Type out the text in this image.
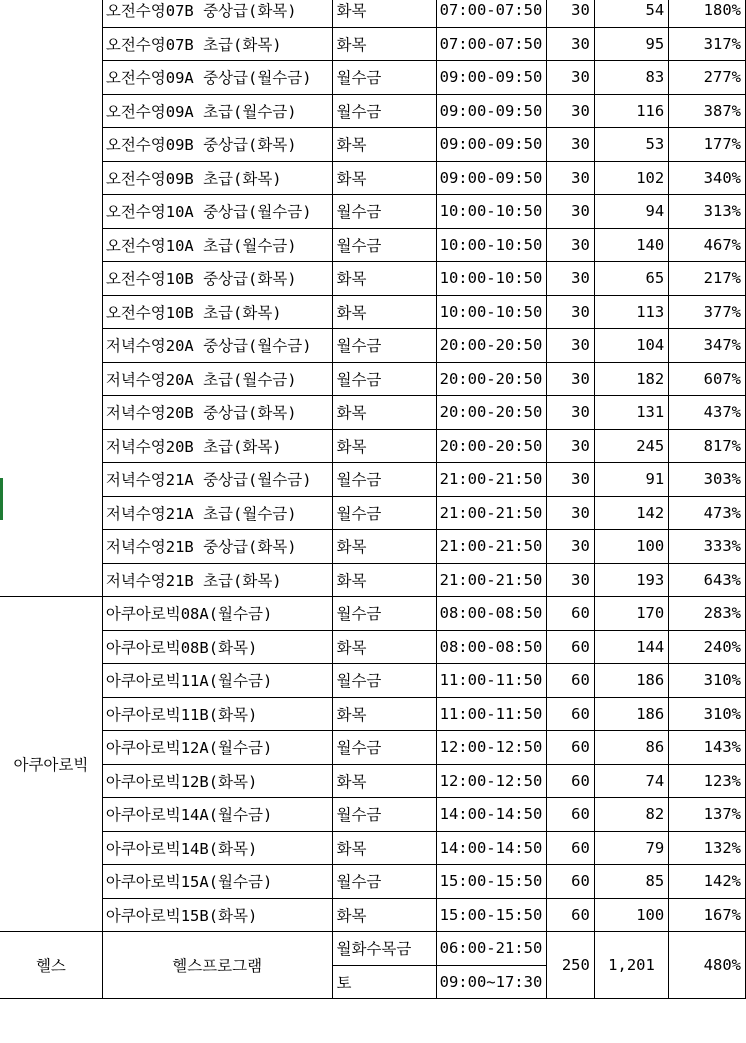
	오전수영07B 중상급(화목)	화목	07:00-07:50	30	54	180%
	오전수영07B 초급(화목)	화목	07:00-07:50	30	95	317%
	오전수영09A 중상급(월수금)	월수금	09:00-09:50	30	83	277%
	오전수영09A 초급(월수금)	월수금	09:00-09:50	30	116	387%
	오전수영09B 중상급(화목)	화목	09:00-09:50	30	53	177%
	오전수영09B 초급(화목)	화목	09:00-09:50	30	102	340%
	오전수영10A 중상급(월수금)	월수금	10:00-10:50	30	94	313%
	오전수영10A 초급(월수금)	월수금	10:00-10:50	30	140	467%
	오전수영10B 중상급(화목)	화목	10:00-10:50	30	65	217%
	오전수영10B 초급(화목)	화목	10:00-10:50	30	113	377%
	저녁수영20A 중상급(월수금)	월수금	20:00-20:50	30	104	347%
	저녁수영20A 초급(월수금)	월수금	20:00-20:50	30	182	607%
	저녁수영20B 중상급(화목)	화목	20:00-20:50	30	131	437%
	저녁수영20B 초급(화목)	화목	20:00-20:50	30	245	817%
	저녁수영21A 중상급(월수금)	월수금	21:00-21:50	30	91	303%
	저녁수영21A 초급(월수금)	월수금	21:00-21:50	30	142	473%
	저녁수영21B 중상급(화목)	화목	21:00-21:50	30	100	333%
	저녁수영21B 초급(화목)	화목	21:00-21:50	30	193	643%
아쿠아로빅	아쿠아로빅08A(월수금)	월수금	08:00-08:50	60	170	283%
	아쿠아로빅08B(화목)	화목	08:00-08:50	60	144	240%
	아쿠아로빅11A(월수금)	월수금	11:00-11:50	60	186	310%
	아쿠아로빅11B(화목)	화목	11:00-11:50	60	186	310%
	아쿠아로빅12A(월수금)	월수금	12:00-12:50	60	86	143%
	아쿠아로빅12B(화목)	화목	12:00-12:50	60	74	123%
	아쿠아로빅14A(월수금)	월수금	14:00-14:50	60	82	137%
	아쿠아로빅14B(화목)	화목	14:00-14:50	60	79	132%
	아쿠아로빅15A(월수금)	월수금	15:00-15:50	60	85	142%
	아쿠아로빅15B(화목)	화목	15:00-15:50	60	100	167%
헬스	헬스프로그램	월화수목금	06:00-21:50	250	1,201	480%
		토	09:00~17:30			
